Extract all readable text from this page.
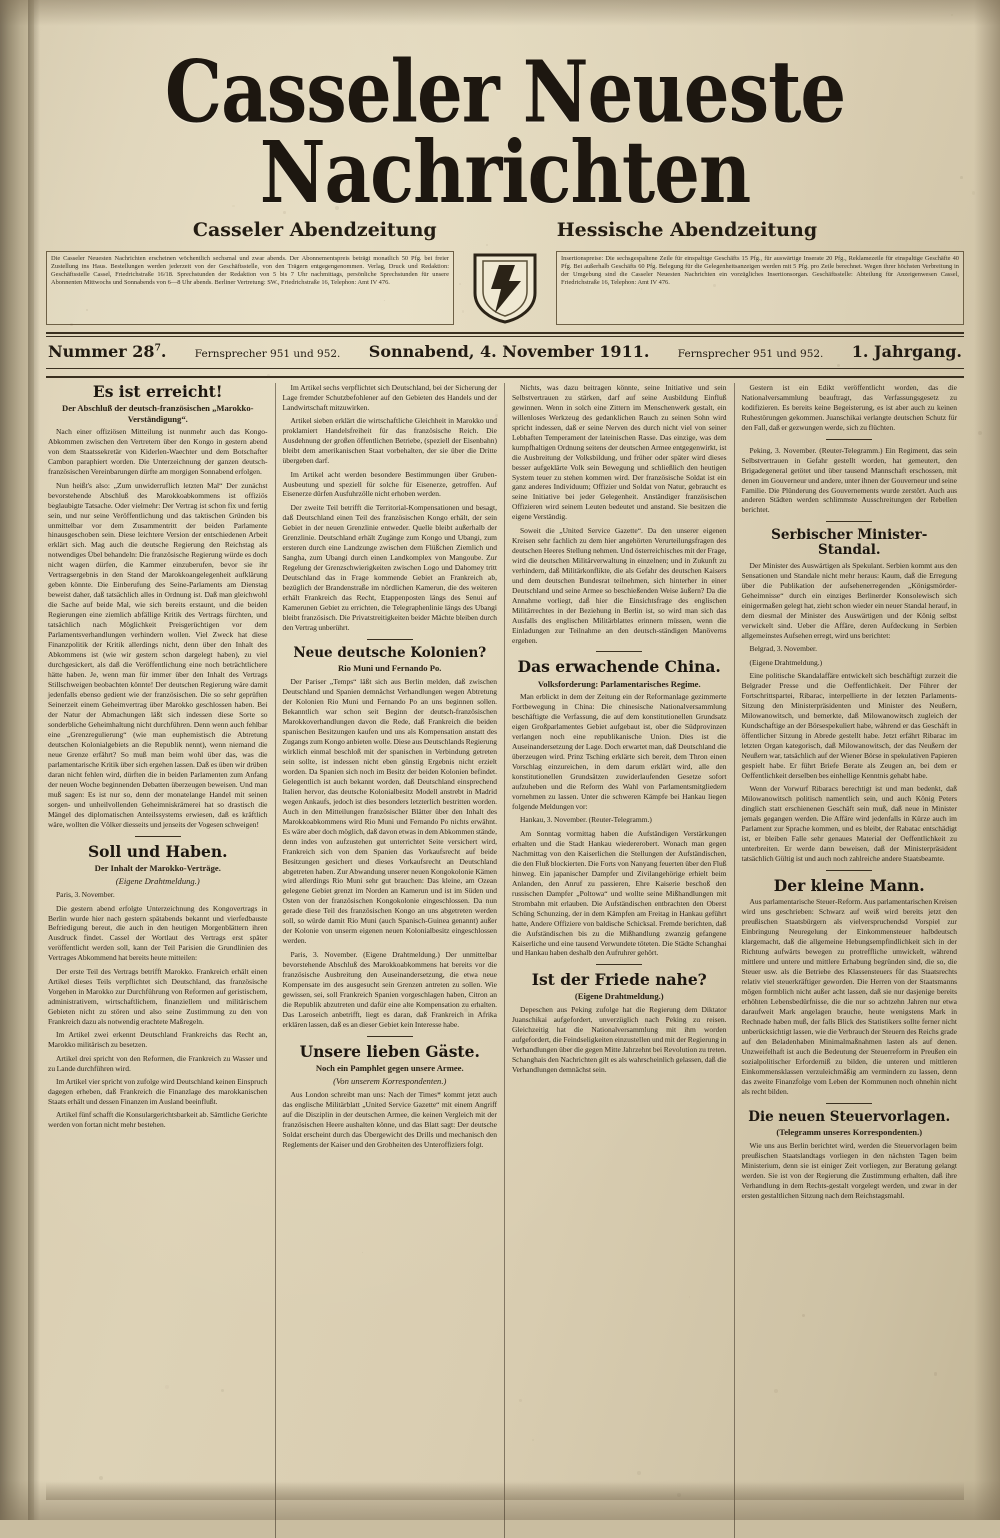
Casseler Neueste Nachrichten
Casseler Abendzeitung	Hessische Abendzeitung
Die Casseler Neuesten Nachrichten erscheinen wöchentlich sechsmal und zwar abends. Der Abonnementspreis beträgt monatlich 50 Pfg. bei freier Zustellung ins Haus. Bestellungen werden jederzeit von der Geschäftsstelle, von den Trägern entgegengenommen. Verlag, Druck und Redaktion: Geschäftsstelle Cassel, Friedrichstraße 16/18. Sprechstunden der Redaktion von 5 bis 7 Uhr nachmittags, persönliche Sprechstunden für unsere Abonnenten Mittwochs und Sonnabends von 6—8 Uhr abends. Berliner Vertretung: SW., Friedrichstraße 16, Telephon: Amt IV 476.
Insertionspreise: Die sechsgespaltene Zeile für einspaltige Geschäfts 15 Pfg., für auswärtige Inserate 20 Pfg., Reklamezeile für einspaltige Geschäfte 40 Pfg. Bei außerhalb Geschäfts 60 Pfg. Belegung für die Gelegenheitsanzeigen werden mit 5 Pfg. pro Zeile berechnet. Wegen ihrer höchsten Verbreitung in der Umgebung sind die Casseler Neuesten Nachrichten ein vorzügliches Insertionsorgan. Geschäftsstelle: Abteilung für Anzeigenwesen Cassel, Friedrichstraße 16, Telephon: Amt IV 476.
Nummer $28^7$.	Fernsprecher 951 und 952. Sonnabend, 4. November 1911.	Fernsprecher 951 und 952. 1. Jahrgang.
Es ist erreicht!
Der Abschluß der deutsch-französischen „Marokko-Verständigung“.

Nach einer offiziösen Mitteilung ist nunmehr auch das Kongo-Abkommen zwischen den Vertretern über den Kongo in gestern abend von dem Staatssekretär von Kiderlen-Waechter und dem Botschafter Cambon paraphiert worden. Die Unterzeichnung der ganzen deutsch-französischen Vereinbarungen dürfte am morgigen Sonnabend erfolgen.

Nun heißt's also: „Zum unwiderruflich letzten Mal“ Der zunächst bevorstehende Abschluß des Marokkoabkommens ist offiziös beglaubigte Tatsache. Oder vielmehr: Der Vertrag ist schon fix und fertig sein, und nur seine Veröffentlichung und das taktischen Gründen bis unmittelbar vor dem Zusammentritt der beiden Parlamente hinausgeschoben sein. Diese leichtere Version der entschiedenen Arbeit erklärt sich. Mag auch die deutsche Regierung den Reichstag als notwendiges Übel behandeln: Die französische Regierung würde es doch nicht wagen dürfen, die Kammer einzuberufen, bevor sie ihr Vertragsergebnis in den Stand der Marokkoangelegenheit aufklärung geben könnte. Die Einberufung des Seine-Parlaments am Dienstag beweist daher, daß tatsächlich alles in Ordnung ist. Daß man gleichwohl die Sache auf beide Mal, wie sich bereits erstaunt, und die beiden Regierungen eine ziemlich abfällige Kritik des Vertrags fürchten, und tatsächlich nach Möglichkeit Preisgerüchtigen vor dem Parlamentsverhandlungen verhindern wollen. Viel Zweck hat diese Finanzpolitik der Kritik allerdings nicht, denn über den Inhalt des Abkommens ist (wie wir gestern schon dargelegt haben), zu viel durchgesickert, als daß die Veröffentlichung eine noch beträchtlichere hätte haben. Je, wenn man für immer über den Inhalt des Vertrags Stillschweigen beobachten könnte! Der deutschen Regierung wäre damit jedenfalls ebenso gedient wie der französischen. Die so sehr geprüften Seinerzeit einem Geheimvertrag über Marokko geschlossen haben. Bei der Natur der Abmachungen läßt sich indessen diese Sorte so sonderbliche Geheimhaltung nicht durchführen. Denn wenn auch fehlbar eine „Grenzregulierung“ (wie man euphemistisch die Abtretung deutschen Kolonialgebiets an die Republik nennt), wenn niemand die neue Grenze erfährt? So muß man beim wohl über das, was die parlamentarische Kritik über sich ergehen lassen. Daß es üben wir drüben daran nicht fehlen wird, dürften die in beiden Parlamenten zum Anfang der neuen Woche beginnenden Debatten überzeugen beweisen. Und man muß sagen: Es ist nur so, denn der monatelange Handel mit seinen sorgen- und unheilvollenden Geheimniskrämerei hat so drastisch die Mängel des diplomatischen Anteilssystems erwiesen, daß es kräftlich wäre, wollten die Völker diesseits und jenseits der Vogesen schweigen!

Soll und Haben.
Der Inhalt der Marokko-Verträge.
(Eigene Drahtmeldung.)

Paris, 3. November.

Die gestern abend erfolgte Unterzeichnung des Kongovertrags in Berlin wurde hier nach gestern spätabends bekannt und vierfedbauste Befriedigung bereut, die auch in den heutigen Morgenblättern ihren Ausdruck findet. Cassel der Wortlaut des Vertrags erst später veröffentlicht werden soll, kann der Teil Parisien die Grundlinien des Vertrages Abkommend hat bereits heute mitteilen:

Der erste Teil des Vertrags betrifft Marokko. Frankreich erhält einen Artikel dieses Teils verpflichtet sich Deutschland, das französische Vorgehen in Marokko zur Durchführung von Reformen auf geristischem, administrativem, wirtschaftlichem, finanziellem und militärischem Gebieten nicht zu stören und also seine Zustimmung zu den von Frankreich dazu als notwendig erachtete Maßregeln.

Im Artikel zwei erkennt Deutschland Frankreichs das Recht an, Marokko militärisch zu besetzen.

Artikel drei spricht von den Reformen, die Frankreich zu Wasser und zu Lande durchführen wird.

Im Artikel vier spricht von zufolge wird Deutschland keinen Einspruch dagegen erheben, daß Frankreich die Finanzlage des marokkanischen Staats erhält und dessen Finanzen im Ausland beeinflußt.

Artikel fünf schafft die Konsulargerichtsbarkeit ab. Sämtliche Gerichte werden von fortan nicht mehr bestehen.

Im Artikel sechs verpflichtet sich Deutschland, bei der Sicherung der Lage fremder Schutzbefohlener auf den Gebieten des Handels und der Landwirtschaft mitzuwirken.

Artikel sieben erklärt die wirtschaftliche Gleichheit in Marokko und proklamiert Handelsfreiheit für das französische Reich. Die Ausdehnung der großen öffentlichen Betriebe, (speziell der Eisenbahn) bleibt dem amerikanischen Staat vorbehalten, der sie über die Dritte übergeben darf.

Im Artikel acht werden besondere Bestimmungen über Gruben-Ausbeutung und speziell für solche für Eisenerze, getroffen. Auf Eisenerze dürfen Ausfuhrzölle nicht erhoben werden.

Der zweite Teil betrifft die Territorial-Kompensationen und besagt, daß Deutschland einen Teil des französischen Kongo erhält, der sein Gebiet in der neuen Grenzlinie entweder. Quelle bleibt außerhalb der Grenzlinie. Deutschland erhält Zugänge zum Kongo und Ubangi, zum ersteren durch eine Landzunge zwischen dem Flüßchen Ziemlich und Sangha, zum Ubangi durch einen Landkomplex von Mangoube. Zur Regelung der Grenzschwierigkeiten zwischen Logo und Dahomey tritt Deutschland das in Frage kommende Gebiet an Frankreich ab, bezüglich der Brandenstraße im nördlichen Kamerun, die des weiteren erhält Frankreich das Recht, Etappenposten längs des Senui auf Kamerunen Gebiet zu errichten, die Telegraphenlinie längs des Ubangi bleibt französisch. Die Privatstreitigkeiten beider Mächte bleiben durch den Vertrag unberührt.

Neue deutsche Kolonien?
Rio Muni und Fernando Po.

Der Pariser „Temps“ läßt sich aus Berlin melden, daß zwischen Deutschland und Spanien demnächst Verhandlungen wegen Abtretung der Kolonien Rio Muni und Fernando Po an uns beginnen sollen. Bekanntlich war schon seit Beginn der deutsch-französischen Marokkoverhandlungen davon die Rede, daß Frankreich die beiden spanischen Besitzungen kaufen und uns als Kompensation anstatt des Zugangs zum Kongo anbieten wolle. Diese aus Deutschlands Regierung wirklich einmal beschloß mit der spanischen in Verbindung getreten sein sollte, ist indessen nicht eben günstig Ergebnis nicht erzielt worden. Da Spanien sich noch im Besitz der beiden Kolonien befindet. Gelegentlich ist auch bekannt worden, daß Deutschland einsprechend Italien hervor, das deutsche Kolonialbesitz Modell anstrebt in Madrid wegen Ankaufs, jedoch ist dies besonders letzterlich bestritten worden. Auch in den Mitteilungen französischer Blätter über den Inhalt des Marokkoabkommens wird Rio Muni und Fernando Po nichts erwähnt. Es wäre aber doch möglich, daß davon etwas in dem Abkommen stände, denn indes von aufzustehen gut unterrichtet Seite versichert wird, Frankreich sich von dem Spanien das Vorkaufsrecht auf beide Besitzungen gesichert und dieses Vorkaufsrecht an Deutschland abgetreten haben. Zur Abwandung unserer neuen Kongokolonie Kämen wird allerdings Rio Muni sehr gut brauchen: Das kleine, am Ozean gelegene Gebiet grenzt im Norden an Kamerun und ist im Süden und Osten von der französischen Kongokolonie eingeschlossen. Da nun gerade diese Teil des französischen Kongo an uns abgetreten werden soll, so würde damit Rio Muni (auch Spanisch-Guinea genannt) außer der Kolonie von unserm eigenen neuen Kolonialbesitz eingeschlossen werden.

Paris, 3. November. (Eigene Drahtmeldung.) Der unmittelbar bevorstehende Abschluß des Marokkoabkommens hat bereits vor die französische Ausbreitung den Auseinandersetzung, die etwa neue Kompensate im des ausgesucht sein Grenzen antreten zu sollen. Wie gewissen, sei, soll Frankreich Spanien vorgeschlagen haben, Citron an die Republik abzutreten und dafür eine alte Kompensation zu erhalten. Das Laroseich anbetrifft, liegt es daran, daß Frankreich in Afrika erklären lassen, daß es an dieser Gebiet kein Interesse habe.

Unsere lieben Gäste.
Noch ein Pamphlet gegen unsere Armee.
(Von unserem Korrespondenten.)

Aus London schreibt man uns: Nach der Times* kommt jetzt auch das englische Militärblatt „United Service Gazette“ mit einem Angriff auf die Disziplin in der deutschen Armee, die keinen Vergleich mit der französischen Heere aushalten könne, und das Blatt sagt: Der deutsche Soldat erscheint durch das Übergewicht des Drills und mechanisch den Reglements der Kaiser und den Grobheiten des Unteroffiziers folgt.

Nichts, was dazu beitragen könnte, seine Initiative und sein Selbstvertrauen zu stärken, darf auf seine Ausbildung Einfluß gewinnen. Wenn in solch eine Zittern im Menschenwerk gestalt, ein willenloses Werkzeug des gedanklichen Rauch zu seinen Sohn wird spricht indessen, daß er seine Nerven des durch nicht viel von seiner Lebhaften Temperament der lateinischen Rasse. Das einzige, was dem kumpfhaltigen Ordnung seitens der deutschen Armee entgegenwirkt, ist die Ausbreitung der Volksbildung, und früher oder später wird dieses besser aufgeklärte Volk sein Bewegung und schließlich den heutigen System teuer zu stehen kommen wird. Der französische Soldat ist ein ganz anderes Individuum; Offizier und Soldat von Natur, gebraucht es seine Initiative bei jeder Gelegenheit. Anständiger französischen Offizieren wird seinem Leuten bedeutet und anstand. Sie besitzen die eigene Verständig.

Soweit die „United Service Gazette“. Da den unserer eigenen Kreisen sehr fachlich zu dem hier angehörten Verurteilungsfragen des deutschen Heeres Stellung nehmen. Und österreichisches mit der Frage, wird die deutschen Militärverwaltung in einzelnen; und in Zukunft zu verhindern, daß Militärkonflikte, die als Gefahr des deutschen Kaisers und dem deutschen Bundesrat teilnehmen, sich hinterher in einer Deutschland und seine Armee so beschießenden Weise äußern? Da die Annahme vorliegt, daß hier die Einsichtsfrage des englischen Militärrechtes in der Beziehung in Berlin ist, so wird man sich das Ausfalls des englischen Militärblattes erinnern müssen, wenn die Einladungen zur Teilnahme an den deutsch-ständigen Manöverns ergehen.

Das erwachende China.
Volksforderung: Parlamentarisches Regime.

Man erblickt in dem der Zeitung ein der Reformanlage gezimmerte Fortbewegung in China: Die chinesische Nationalversammlung beschäftigte die Verfassung, die auf dem konstitutionellen Grundsatz eigen Großparlamentes Gebiet aufgebaut ist, ober die Südprovinzen verlangen noch eine republikanische Union. Dies ist die Auseinandersetzung der Lage. Doch erwartet man, daß Deutschland die überzeugen wird. Prinz Tsching erklärte sich bereit, dem Thron einen Vorschlag einzureichen, in dem darum erklärt wird, alle den konstitutionellen Grundsätzen zuwiderlaufenden Gesetze sofort aufzuheben und die Reform des Wahl von Parlamentsmitgliedern vornehmen zu lassen. Unter die schweren Kämpfe bei Hankau liegen folgende Meldungen vor:

Hankau, 3. November. (Reuter-Telegramm.)

Am Sonntag vormittag haben die Aufständigen Verstärkungen erhalten und die Stadt Hankau wiedererobert. Wonach man gegen Nachmittag von den Kaiserlichen die Stellungen der Aufständischen, die den Fluß blockierten. Die Forts von Nanyang feuerten über den Fluß hinweg. Ein japanischer Dampfer und Zivilangehörige erhielt beim Anlanden, den Anruf zu passieren, Ehre Kaiserie beschoß den russischen Dampfer „Poltowa“ und wollte seine Mißhandlungen mit Strombahn mit erlauben. Die Aufständischen entbrachten den Oberst Schüng Schunzing, der in dem Kämpfen am Freitag in Hankau geführt hatte, Andere Offiziere von baldische Schicksal. Fremde berichten, daß die Aufständischen bis zu die Mißhandlung zwanzig gefangene Kaiserliche und eine tausend Verwundete töteten. Die Städte Schanghai und Hankau haben deshalb den Aufruhrer gehört.

Ist der Friede nahe?
(Eigene Drahtmeldung.)

Depeschen aus Peking zufolge hat die Regierung dem Diktator Juanschikai aufgefordert, unverzüglich nach Peking zu reisen. Gleichzeitig hat die Nationalversammlung mit ihm worden aufgefordert, die Feindseligkeiten einzustellen und mit der Regierung in Verhandlungen über die gegen Mitte Jahrzehnt bei Revolution zu treten. Schanghais den Nachrichten gilt es als wahrscheinlich gelassen, daß die Verhandlungen demnächst sein.

Gestern ist ein Edikt veröffentlicht worden, das die Nationalversammlung beauftragt, das Verfassungsgesetz zu kodifizieren. Es bereits keine Begeisterung, es ist aber auch zu keinen Ruhestörungen gekommen. Juanschikai verlangte deutschen Schutz für den Fall, daß er gezwungen werde, sich zu flüchten.

Peking, 3. November. (Reuter-Telegramm.) Ein Regiment, das sein Selbstvertrauen in Gefahr gestellt worden, hat gemeutert, den Brigadegeneral getötet und über tausend Mannschaft erschossen, mit denen im Gouverneur und andere, unter ihnen der Gouverneur und seine Familie. Die Plünderung des Gouvernements wurde zerstört. Auch aus anderen Städten werden schlimmste Ausschreitungen der Rebellen berichtet.

Serbischer Minister-Standal.

Der Minister des Auswärtigen als Spekulant. Serbien kommt aus den Sensationen und Standale nicht mehr heraus: Kaum, daß die Erregung über die Publikation der aufsehenerregenden „Königsmörder-Geheimnisse“ durch ein einziges Berlinerder Konsolewisch sich einigermaßen gelegt hat, zieht schon wieder ein neuer Standal herauf, in dem diesmal der Minister des Auswärtigen und der König selbst verwickelt sind. Ueber die Affäre, deren Aufdeckung in Serbien allgemeinstes Aufsehen erregt, wird uns berichtet:

Belgrad, 3. November.

(Eigene Drahtmeldung.)

Eine politische Skandalaffäre entwickelt sich beschäftigt zurzeit die Belgrader Presse und die Oeffentlichkeit. Der Führer der Fortschrittspartei, Ribarac, interpellierte in der letzten Parlaments-Sitzung den Ministerpräsidenten und Minister des Neußern, Milowanowitsch, und bemerkte, daß Milowanowitsch zugleich der Kundschaftige an der Börsespekuliert habe, während er das Geschäft in öffentlicher Sitzung in Abrede gestellt habe. Jetzt erfährt Ribarac im letzten Organ kategorisch, daß Milowanowitsch, der das Neußern der Neußern war, tatsächlich auf der Wiener Börse in spekulativen Papieren gespielt habe. Er führt Briefe Berate als Zeugen an, bei dem er Oeffentlichkeit derselben bes einhellige Kenntnis gehabt habe.

Wenn der Vorwurf Ribaracs berechtigt ist und man bedenkt, daß Milowanowitsch politisch namentlich sein, und auch König Peters dinglich statt erschienenen Geschäft sein muß, daß neue in Minister jemals gegangen werden. Die Affäre wird jedenfalls in Kürze auch im Parlament zur Sprache kommen, und es bleibt, der Rabatac entschädigt ist, er bleiben Falle sehr genaues Material der Oeffentlichkeit zu unterbreiten. Er werde dann beweisen, daß der Ministerpräsident tatsächlich Gültig ist und auch noch zahlreiche andere Staatsbeamte.

Der kleine Mann.

Aus parlamentarische Steuer-Reform. Aus parlamentarischen Kreisen wird uns geschrieben: Schwarz auf weiß wird bereits jetzt den preußischen Staatsbürgern als vielverspruchendsd Vorspiel zur Einbringung Neuregelung der Einkommensteuer halbdeutsch klargemacht, daß die allgemeine Hebungsempfindlichkeit sich in der Richtung aufwärts bewegen zu protreffliche umwickelt, während mittlere und untere und mittlere Erhabung begründen sind, die so, die Steuer usw. als die Betriebe des Klassensteuers für das Staatsrechts relativ viel steuerkräftiger geworden. Die Herren von der Staatsmanns mögen formblich nicht außer acht lassen, daß sie nur dasjenige bereits erhöhten Lebensbedürfnisse, die die nur so achtzehn Jahren nur etwa daraufweit Mark angelagen brauche, heute wenigstens Mark in Rechnade haben muß, der falls Blick des Statistikers sollte ferner nicht unberücksichtigt lassen, wie die Verbrauch der Steuern des Reichs grade auf den Beladenhaben Minimalmaßnahmen lasten als auf denen. Unzweifelhaft ist auch die Bedeutung der Steuerreform in Preußen ein sozialpolitischer Erforderniß zu bilden, die unteren und mittleren Einkommensklassen verzuleichmäßig am vermindern zu lassen, denn das zweite Finanzfolge vom Leben der Kommunen noch ohnehin nicht als recht bilden.

Die neuen Steuervorlagen.
(Telegramm unseres Korrespondenten.)

Wie uns aus Berlin berichtet wird, werden die Steuervorlagen beim preußischen Staatslandtags vorliegen in den nächsten Tagen beim Ministerium, denn sie ist einiger Zeit vorliegen, zur Beratung gelangt werden. Sie ist von der Regierung die Zustimmung erhalten, daß ihre Verhandlung in dem Rechts-gestalt vorgelegt werden, und zwar in der ersten gestaltlichen Sitzung nach dem Reichstagsmahl.
